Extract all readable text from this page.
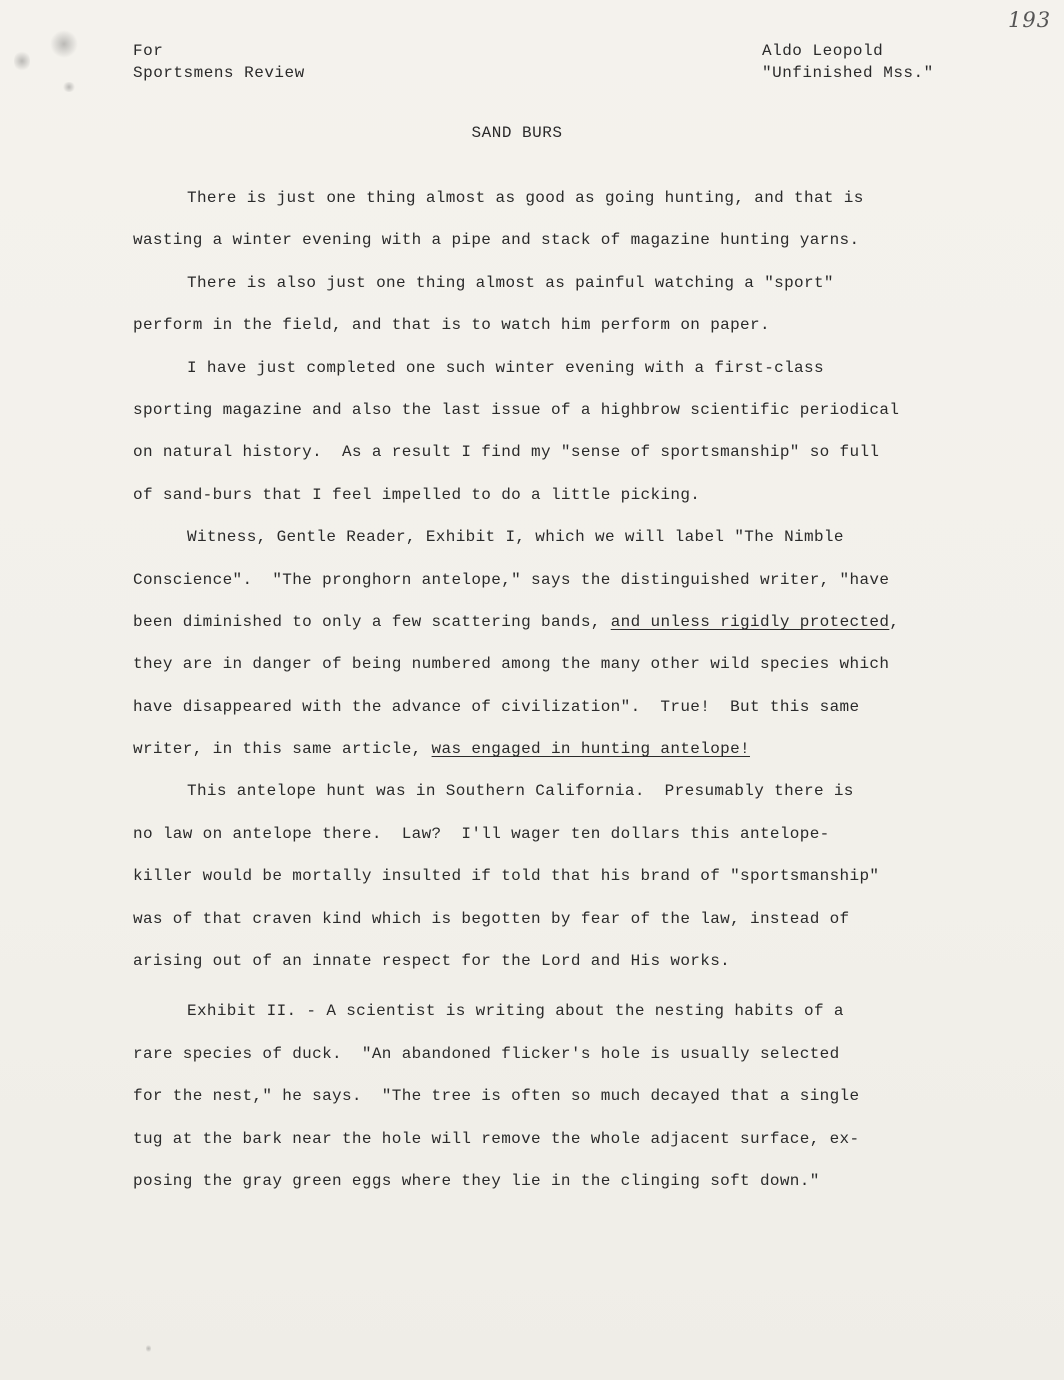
193
For
Sportsmens Review
Aldo Leopold
"Unfinished Mss."
SAND BURS
There is just one thing almost as good as going hunting, and that is
wasting a winter evening with a pipe and stack of magazine hunting yarns.
There is also just one thing almost as painful watching a "sport"
perform in the field, and that is to watch him perform on paper.
I have just completed one such winter evening with a first-class
sporting magazine and also the last issue of a highbrow scientific periodical
on natural history.  As a result I find my "sense of sportsmanship" so full
of sand-burs that I feel impelled to do a little picking.
Witness, Gentle Reader, Exhibit I, which we will label "The Nimble
Conscience".  "The pronghorn antelope," says the distinguished writer, "have
been diminished to only a few scattering bands, and unless rigidly protected,
they are in danger of being numbered among the many other wild species which
have disappeared with the advance of civilization".  True!  But this same
writer, in this same article, was engaged in hunting antelope!
This antelope hunt was in Southern California.  Presumably there is
no law on antelope there.  Law?  I'll wager ten dollars this antelope-
killer would be mortally insulted if told that his brand of "sportsmanship"
was of that craven kind which is begotten by fear of the law, instead of
arising out of an innate respect for the Lord and His works.
Exhibit II. - A scientist is writing about the nesting habits of a
rare species of duck.  "An abandoned flicker's hole is usually selected
for the nest," he says.  "The tree is often so much decayed that a single
tug at the bark near the hole will remove the whole adjacent surface, ex-
posing the gray green eggs where they lie in the clinging soft down."
